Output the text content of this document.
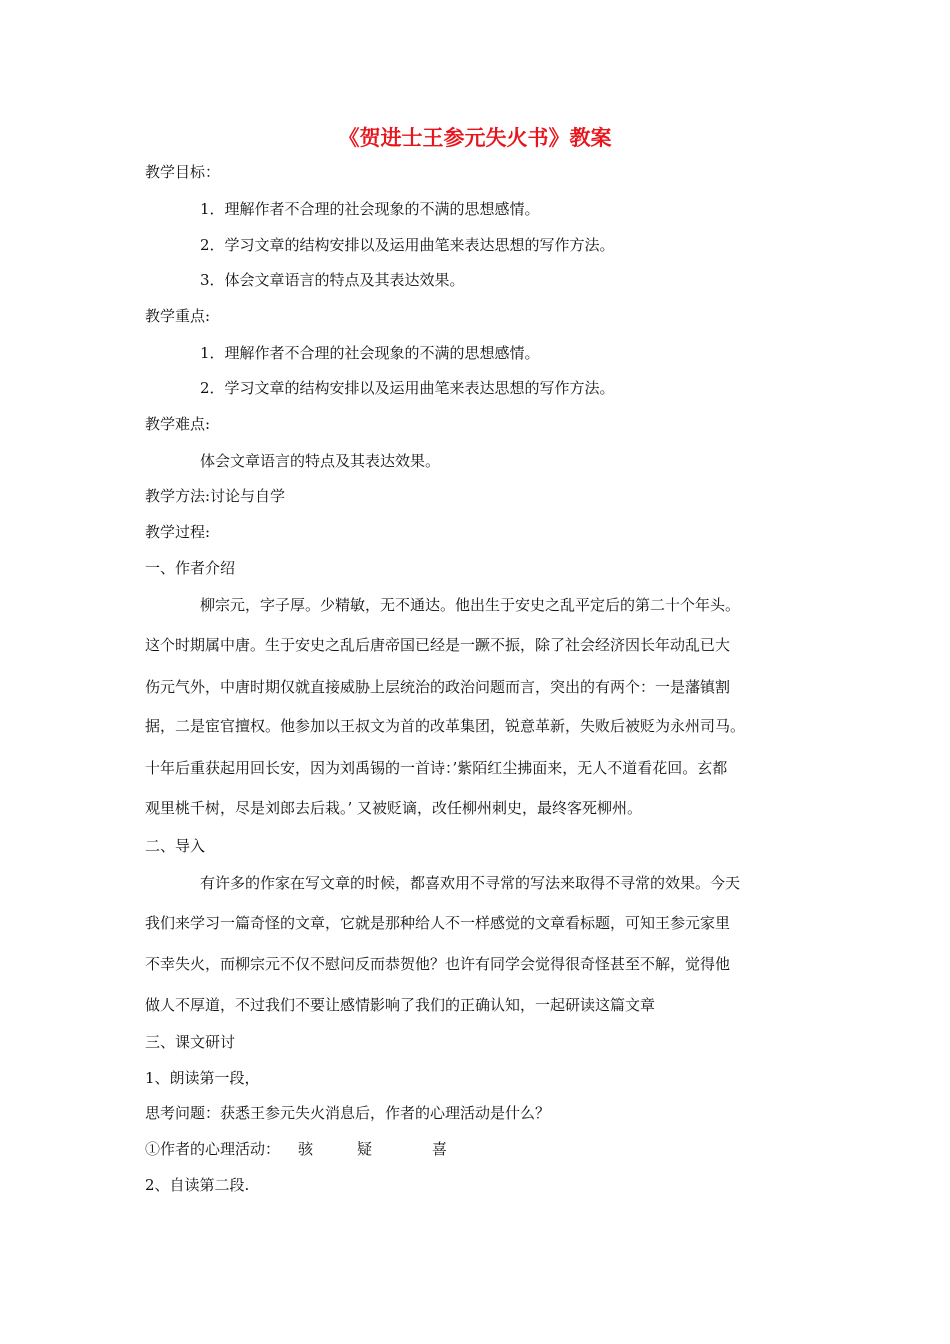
《贺进士王参元失火书》教案

教学目标：

1．理解作者不合理的社会现象的不满的思想感情。

2．学习文章的结构安排以及运用曲笔来表达思想的写作方法。

3．体会文章语言的特点及其表达效果。

教学重点:

1．理解作者不合理的社会现象的不满的思想感情。

2．学习文章的结构安排以及运用曲笔来表达思想的写作方法。

教学难点:

体会文章语言的特点及其表达效果。

教学方法:讨论与自学

教学过程:

一、作者介绍

柳宗元，字子厚。少精敏，无不通达。他出生于安史之乱平定后的第二十个年头。

这个时期属中唐。生于安史之乱后唐帝国已经是一蹶不振，除了社会经济因长年动乱已大

伤元气外，中唐时期仅就直接威胁上层统治的政治问题而言，突出的有两个：一是藩镇割

据，二是宦官擅权。他参加以王叔文为首的改革集团，锐意革新，失败后被贬为永州司马。

十年后重获起用回长安，因为刘禹锡的一首诗：’紫陌红尘拂面来，无人不道看花回。玄都

观里桃千树，尽是刘郎去后栽。’ 又被贬谪，改任柳州刺史，最终客死柳州。

二、导入

有许多的作家在写文章的时候，都喜欢用不寻常的写法来取得不寻常的效果。今天

我们来学习一篇奇怪的文章，它就是那种给人不一样感觉的文章看标题，可知王参元家里

不幸失火，而柳宗元不仅不慰问反而恭贺他？也许有同学会觉得很奇怪甚至不解，觉得他

做人不厚道，不过我们不要让感情影响了我们的正确认知，一起研读这篇文章

三、课文研讨

1、朗读第一段，

思考问题：获悉王参元失火消息后，作者的心理活动是什么？

①作者的心理活动： 骇	疑	喜

2、自读第二段.
